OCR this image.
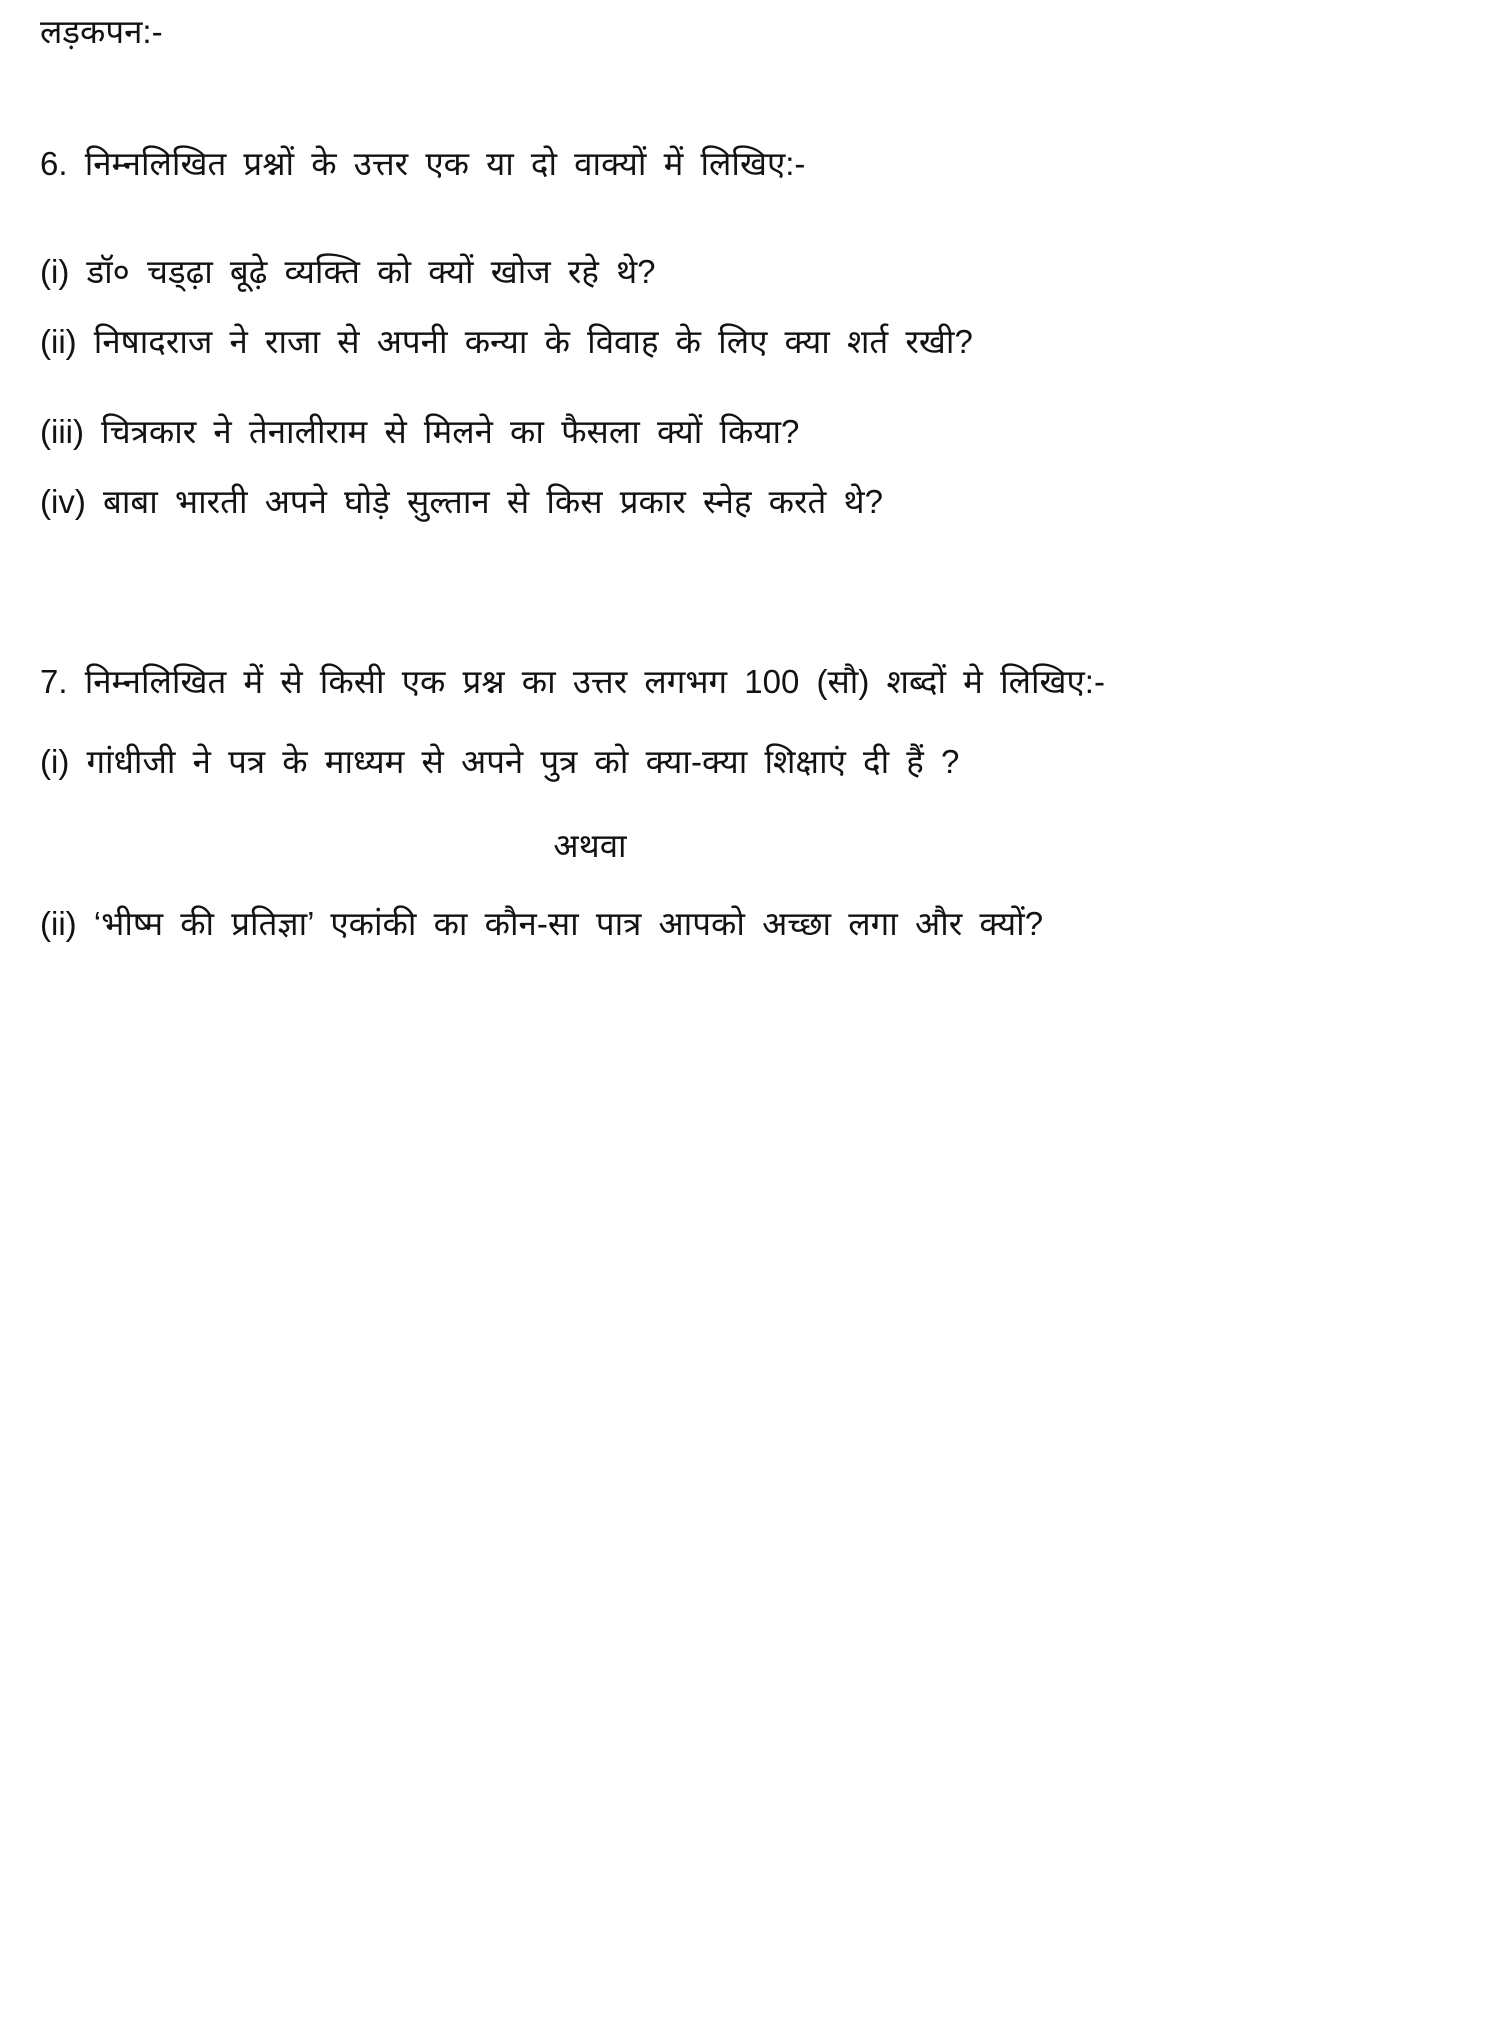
लड़कपन:-

6. निम्नलिखित प्रश्नों के उत्तर एक या दो वाक्यों में लिखिए:-

(i) डॉ० चड्ढ़ा बूढ़े व्यक्ति को क्यों खोज रहे थे?

(ii) निषादराज ने राजा से अपनी कन्या के विवाह के लिए क्या शर्त रखी?

(iii) चित्रकार ने तेनालीराम से मिलने का फैसला क्यों किया?

(iv) बाबा भारती अपने घोड़े सुल्तान से किस प्रकार स्नेह करते थे?

7. निम्नलिखित में से किसी एक प्रश्न का उत्तर लगभग 100 (सौ) शब्दों मे लिखिए:-

(i) गांधीजी ने पत्र के माध्यम से अपने पुत्र को क्या-क्या शिक्षाएं दी हैं ?

अथवा

(ii) ‘भीष्म की प्रतिज्ञा’ एकांकी का कौन-सा पात्र आपको अच्छा लगा और क्यों?
